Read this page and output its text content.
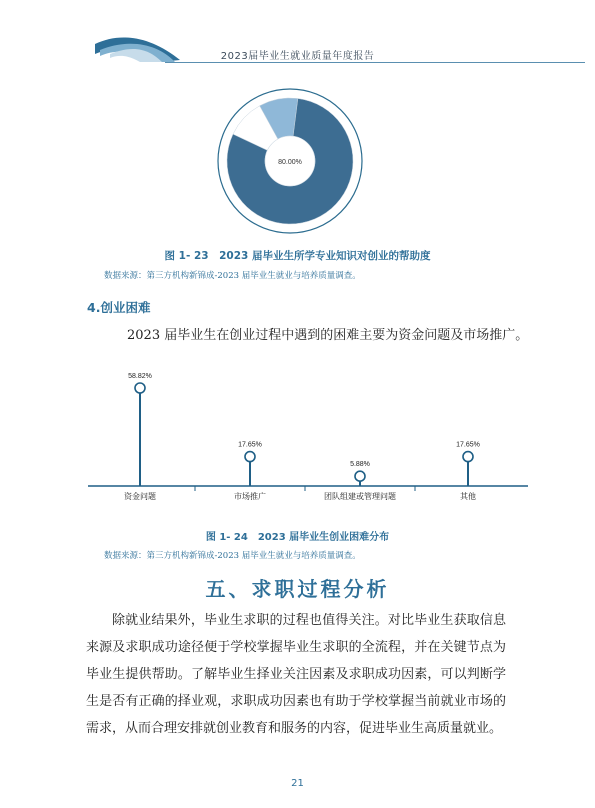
2023届毕业生就业质量年度报告
80.00%
图 1- 23　2023 届毕业生所学专业知识对创业的帮助度
数据来源：第三方机构新锦成-2023 届毕业生就业与培养质量调查。
4.创业困难
2023 届毕业生在创业过程中遇到的困难主要为资金问题及市场推广。
58.82%
资金问题
17.65%
市场推广
5.88%
团队组建或管理问题
17.65%
其他
图 1- 24　2023 届毕业生创业困难分布
数据来源：第三方机构新锦成-2023 届毕业生就业与培养质量调查。
五、求职过程分析
除就业结果外，毕业生求职的过程也值得关注。对比毕业生获取信息来源及求职成功途径便于学校掌握毕业生求职的全流程，并在关键节点为毕业生提供帮助。了解毕业生择业关注因素及求职成功因素，可以判断学生是否有正确的择业观，求职成功因素也有助于学校掌握当前就业市场的需求，从而合理安排就创业教育和服务的内容，促进毕业生高质量就业。
21
